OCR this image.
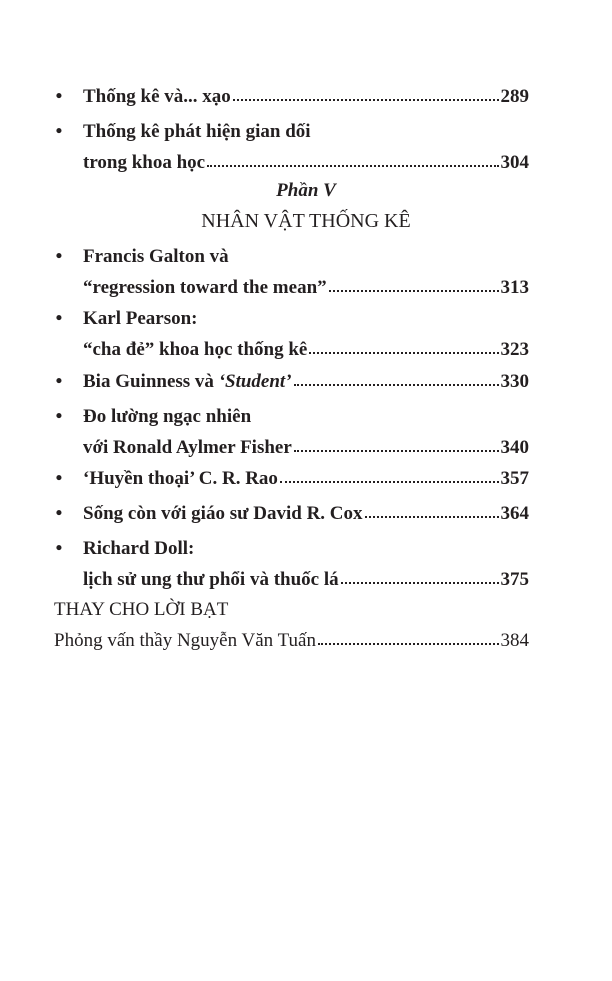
• Thống kê và... xạo	289
• Thống kê phát hiện gian dối
trong khoa học	304
Phần V
NHÂN VẬT THỐNG KÊ
• Francis Galton và
“regression toward the mean”	313
• Karl Pearson:
“cha đẻ” khoa học thống kê	323
• Bia Guinness và
‘Student’	330
• Đo lường ngạc nhiên
với Ronald Aylmer Fisher	340
• ‘Huyền thoại’ C. R. Rao	357
• Sống còn với giáo sư David R. Cox	364
• Richard Doll:
lịch sử ung thư phổi và thuốc lá	375
THAY CHO LỜI BẠT
Phỏng vấn thầy Nguyễn Văn Tuấn	384
